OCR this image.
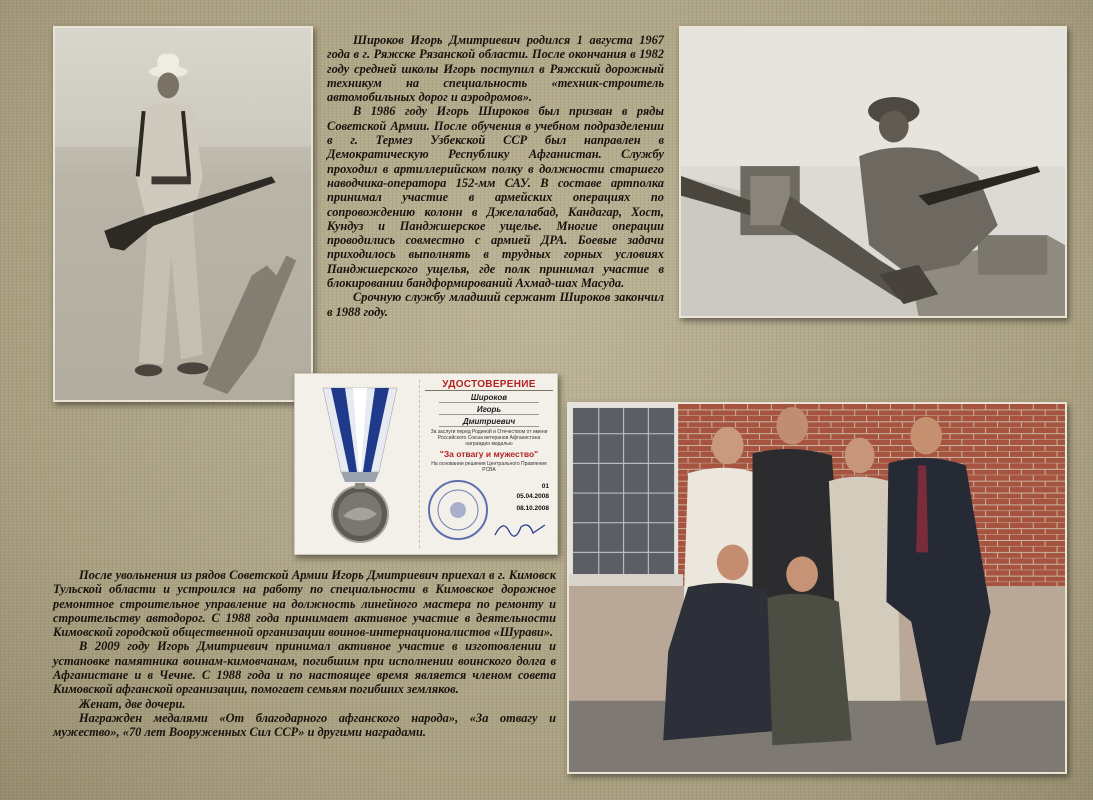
Широков Игорь Дмитриевич родился 1 августа 1967 года в г. Ряжске Рязанской области. После окончания в 1982 году средней школы Игорь поступил в Ряжский дорожный техникум на специальность «техник-строитель автомобильных дорог и аэродромов».

В 1986 году Игорь Широков был призван в ряды Советской Армии. После обучения в учебном подразделении в г. Термез Узбекской ССР был направлен в Демократическую Республику Афганистан. Службу проходил в артиллерийском полку в должности старшего наводчика-оператора 152-мм САУ. В составе артполка принимал участие в армейских операциях по сопровождению колонн в Джелалабад, Кандагар, Хост, Кундуз и Панджшерское ущелье. Многие операции проводились совместно с армией ДРА. Боевые задачи приходилось выполнять в трудных горных условиях Панджшерского ущелья, где полк принимал участие в блокировании бандформирований Ахмад-шах Масуда.

Срочную службу младший сержант Широков закончил в 1988 году.

УДОСТОВЕРЕНИЕ
Широков
Игорь
Дмитриевич
За заслуги перед Родиной и Отечеством от имени Российского Союза ветеранов Афганистана награжден медалью
"За отвагу и мужество"
На основании решения Центрального Правления РСВА
01
05.04.2008
08.10.2008

После увольнения из рядов Советской Армии Игорь Дмитриевич приехал в г. Кимовск Тульской области и устроился на работу по специальности в Кимовское дорожное ремонтное строительное управление на должность линейного мастера по ремонту и строительству автодорог. С 1988 года принимает активное участие в деятельности Кимовской городской общественной организации воинов-интернационалистов «Шурави».

В 2009 году Игорь Дмитриевич принимал активное участие в изготовлении и установке памятника воинам-кимовчанам, погибшим при исполнении воинского долга в Афганистане и в Чечне. С 1988 года и по настоящее время является членом совета Кимовской афганской организации, помогает семьям погибших земляков.

Женат, две дочери.

Награжден медалями «От благодарного афганского народа», «За отвагу и мужество», «70 лет Вооруженных Сил ССР» и другими наградами.
